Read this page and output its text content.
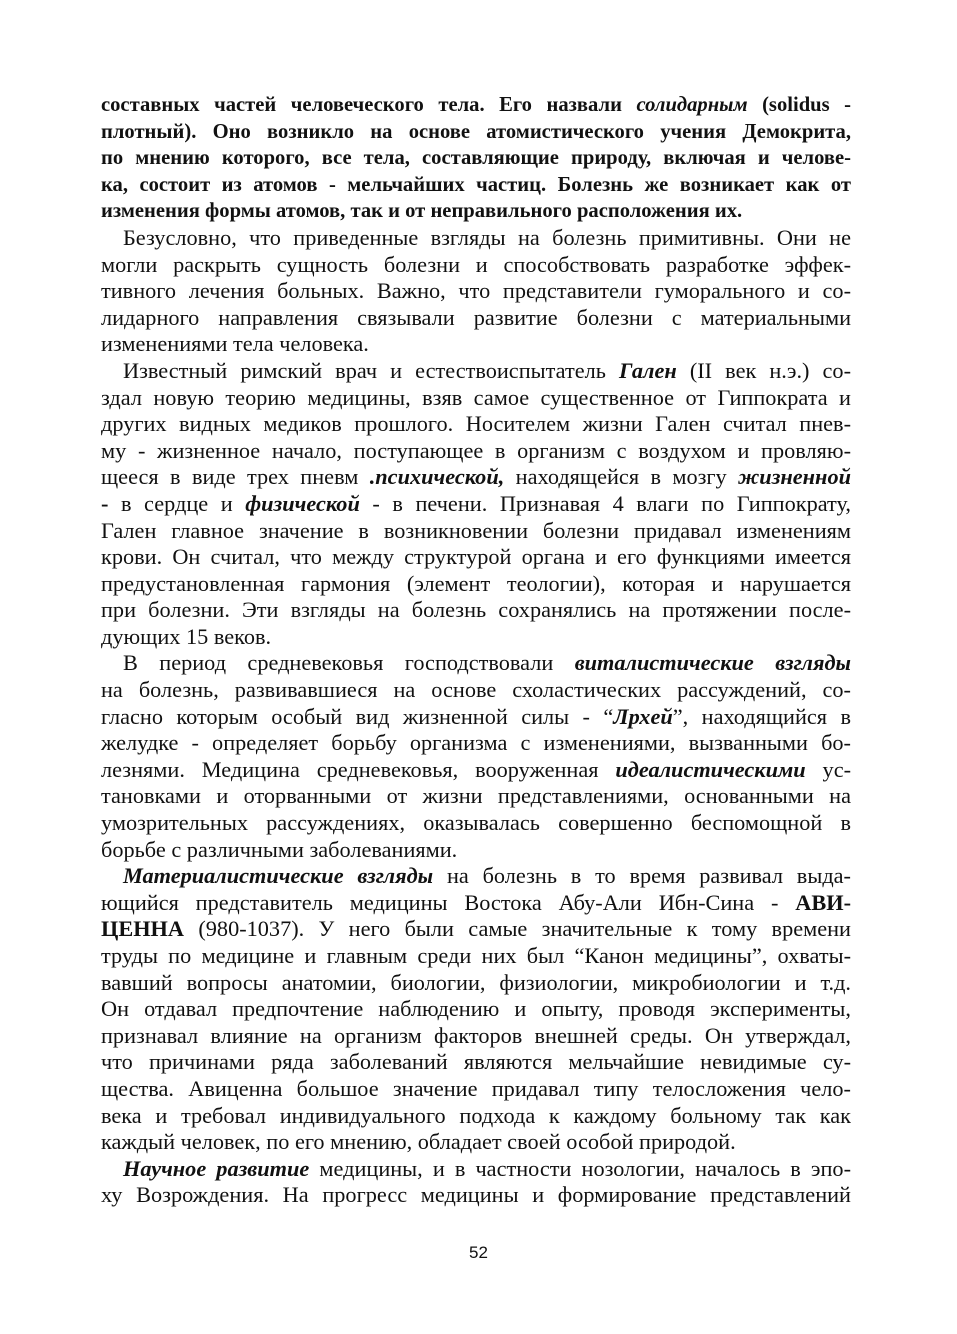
составных частей человеческого тела. Его назвали солидарным (solidus -
плотный). Оно возникло на основе атомистического учения Демокрита,
по мнению которого, все тела, составляющие природу, включая и челове-
ка, состоит из атомов - мельчайших частиц. Болезнь же возникает как от
изменения формы атомов, так и от неправильного расположения их.
Безусловно, что приведенные взгляды на болезнь примитивны. Они не
могли раскрыть сущность болезни и способствовать разработке эффек-
тивного лечения больных. Важно, что представители гуморального и со-
лидарного направления связывали развитие болезни с материальными
изменениями тела человека.
Известный римский врач и естествоиспытатель Гален (II век н.э.) со-
здал новую теорию медицины, взяв самое существенное от Гиппократа и
других видных медиков прошлого. Носителем жизни Гален считал пнев-
му - жизненное начало, поступающее в организм с воздухом и провляю-
щееся в виде трех пневм .психической, находящейся в мозгу жизненной
- в сердце и физической - в печени. Признавая 4 влаги по Гиппократу,
Гален главное значение в возникновении болезни придавал изменениям
крови. Он считал, что между структурой органа и его функциями имеется
предустановленная гармония (элемент теологии), которая и нарушается
при болезни. Эти взгляды на болезнь сохранялись на протяжении после-
дующих 15 веков.
В период средневековья господствовали виталистические взгляды
на болезнь, развивавшиеся на основе схоластических рассуждений, со-
гласно которым особый вид жизненной силы - “Лрхей”, находящийся в
желудке - определяет борьбу организма с изменениями, вызванными бо-
лезнями. Медицина средневековья, вооруженная идеалистическими ус-
тановками и оторванными от жизни представлениями, основанными на
умозрительных рассуждениях, оказывалась совершенно беспомощной в
борьбе с различными заболеваниями.
Материалистические взгляды на болезнь в то время развивал выда-
ющийся представитель медицины Востока Абу-Али Ибн-Сина - АВИ-
ЦЕННА (980-1037). У него были самые значительные к тому времени
труды по медицине и главным среди них был “Канон медицины”, охваты-
вавший вопросы анатомии, биологии, физиологии, микробиологии и т.д.
Он отдавал предпочтение наблюдению и опыту, проводя эксперименты,
признавал влияние на организм факторов внешней среды. Он утверждал,
что причинами ряда заболеваний являются мельчайшие невидимые су-
щества. Авиценна большое значение придавал типу телосложения чело-
века и требовал индивидуального подхода к каждому больному так как
каждый человек, по его мнению, обладает своей особой природой.
Научное развитие медицины, и в частности нозологии, началось в эпо-
ху Возрождения. На прогресс медицины и формирование представлений
52
